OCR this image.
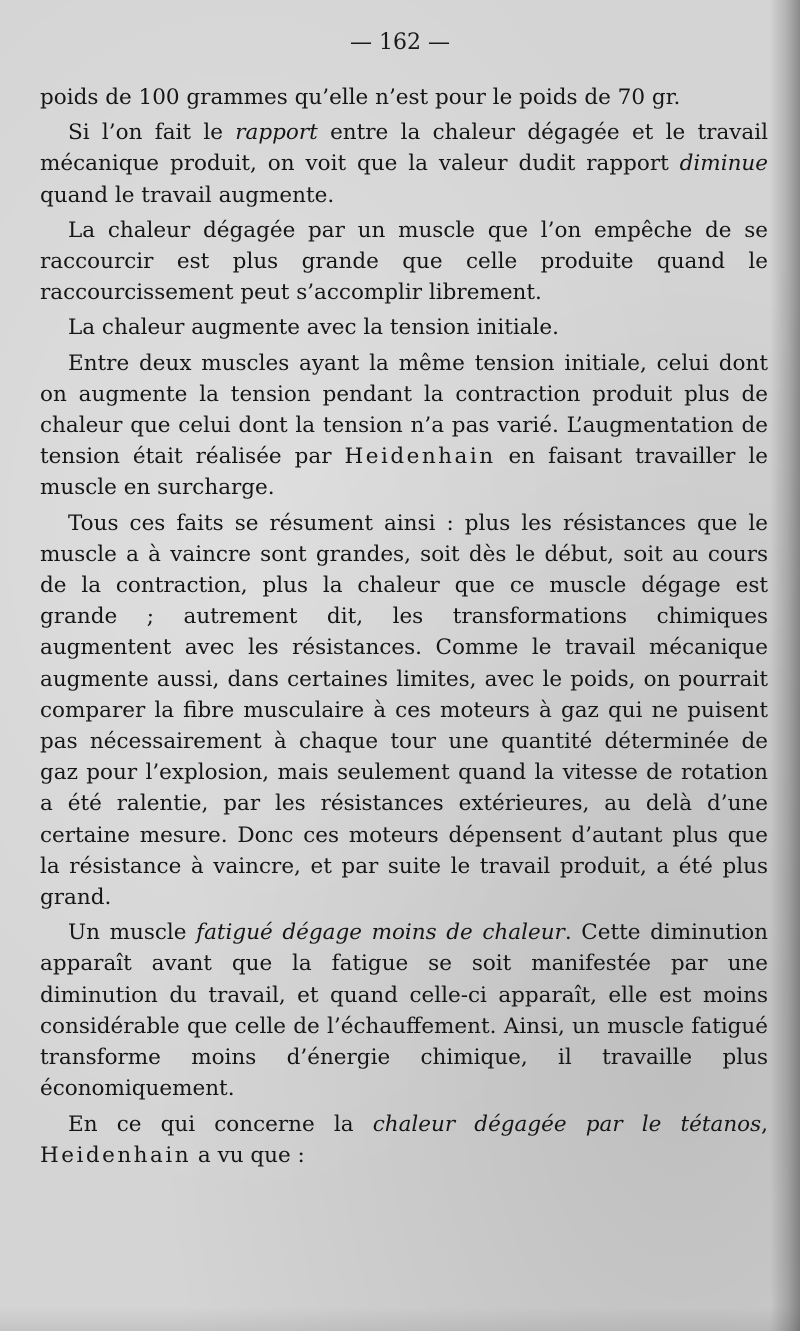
— 162 —

poids de 100 grammes qu’elle n’est pour le poids de 70 gr.

Si l’on fait le rapport entre la chaleur dégagée et le travail mécanique produit, on voit que la valeur dudit rapport diminue quand le travail augmente.

La chaleur dégagée par un muscle que l’on empêche de se raccourcir est plus grande que celle produite quand le raccourcissement peut s’accomplir librement.

La chaleur augmente avec la tension initiale.

Entre deux muscles ayant la même tension initiale, celui dont on augmente la tension pendant la contraction produit plus de chaleur que celui dont la tension n’a pas varié. L’augmentation de tension était réalisée par Heidenhain en faisant travailler le muscle en surcharge.

Tous ces faits se résument ainsi : plus les résistances que le muscle a à vaincre sont grandes, soit dès le début, soit au cours de la contraction, plus la chaleur que ce muscle dégage est grande ; autrement dit, les transformations chimiques augmentent avec les résistances. Comme le travail mécanique augmente aussi, dans certaines limites, avec le poids, on pourrait comparer la fibre musculaire à ces moteurs à gaz qui ne puisent pas nécessairement à chaque tour une quantité déterminée de gaz pour l’explosion, mais seulement quand la vitesse de rotation a été ralentie, par les résistances extérieures, au delà d’une certaine mesure. Donc ces moteurs dépensent d’autant plus que la résistance à vaincre, et par suite le travail produit, a été plus grand.

Un muscle fatigué dégage moins de chaleur. Cette diminution apparaît avant que la fatigue se soit manifestée par une diminution du travail, et quand celle-ci apparaît, elle est moins considérable que celle de l’échauffement. Ainsi, un muscle fatigué transforme moins d’énergie chimique, il travaille plus économiquement.

En ce qui concerne la chaleur dégagée par le tétanos, Heidenhain a vu que :
